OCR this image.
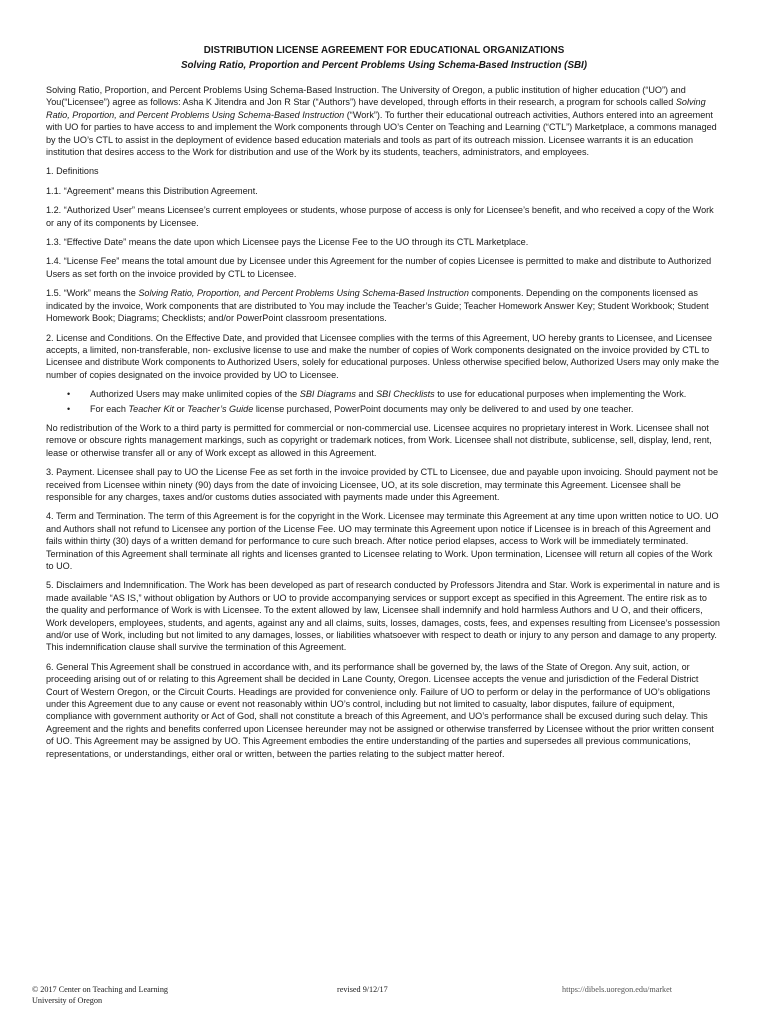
DISTRIBUTION LICENSE AGREEMENT FOR EDUCATIONAL ORGANIZATIONS

Solving Ratio, Proportion and Percent Problems Using Schema-Based Instruction (SBI)

Solving Ratio, Proportion, and Percent Problems Using Schema-Based Instruction. The University of Oregon, a public institution of higher education (“UO”) and You(“Licensee”) agree as follows: Asha K Jitendra and Jon R Star (“Authors”) have developed, through efforts in their research, a program for schools called Solving Ratio, Proportion, and Percent Problems Using Schema-Based Instruction (“Work”). To further their educational outreach activities, Authors entered into an agreement with UO for parties to have access to and implement the Work components through UO’s Center on Teaching and Learning (“CTL”) Marketplace, a commons managed by the UO’s CTL to assist in the deployment of evidence based education materials and tools as part of its outreach mission. Licensee warrants it is an education institution that desires access to the Work for distribution and use of the Work by its students, teachers, administrators, and employees.

1. Definitions

1.1. “Agreement” means this Distribution Agreement.

1.2. “Authorized User” means Licensee’s current employees or students, whose purpose of access is only for Licensee’s benefit, and who received a copy of the Work or any of its components by Licensee.

1.3. “Effective Date” means the date upon which Licensee pays the License Fee to the UO through its CTL Marketplace.

1.4. “License Fee” means the total amount due by Licensee under this Agreement for the number of copies Licensee is permitted to make and distribute to Authorized Users as set forth on the invoice provided by CTL to Licensee.

1.5. “Work” means the Solving Ratio, Proportion, and Percent Problems Using Schema-Based Instruction components. Depending on the components licensed as indicated by the invoice, Work components that are distributed to You may include the Teacher’s Guide; Teacher Homework Answer Key; Student Workbook; Student Homework Book; Diagrams; Checklists; and/or PowerPoint classroom presentations.

2. License and Conditions. On the Effective Date, and provided that Licensee complies with the terms of this Agreement, UO hereby grants to Licensee, and Licensee accepts, a limited, non-transferable, non- exclusive license to use and make the number of copies of Work components designated on the invoice provided by CTL to Licensee and distribute Work components to Authorized Users, solely for educational purposes. Unless otherwise specified below, Authorized Users may only make the number of copies designated on the invoice provided by UO to Licensee.

• Authorized Users may make unlimited copies of the SBI Diagrams and SBI Checklists to use for educational purposes when implementing the Work.
• For each Teacher Kit or Teacher’s Guide license purchased, PowerPoint documents may only be delivered to and used by one teacher.

No redistribution of the Work to a third party is permitted for commercial or non-commercial use. Licensee acquires no proprietary interest in Work. Licensee shall not remove or obscure rights management markings, such as copyright or trademark notices, from Work. Licensee shall not distribute, sublicense, sell, display, lend, rent, lease or otherwise transfer all or any of Work except as allowed in this Agreement.

3. Payment. Licensee shall pay to UO the License Fee as set forth in the invoice provided by CTL to Licensee, due and payable upon invoicing. Should payment not be received from Licensee within ninety (90) days from the date of invoicing Licensee, UO, at its sole discretion, may terminate this Agreement. Licensee shall be responsible for any charges, taxes and/or customs duties associated with payments made under this Agreement.

4. Term and Termination. The term of this Agreement is for the copyright in the Work. Licensee may terminate this Agreement at any time upon written notice to UO. UO and Authors shall not refund to Licensee any portion of the License Fee. UO may terminate this Agreement upon notice if Licensee is in breach of this Agreement and fails within thirty (30) days of a written demand for performance to cure such breach. After notice period elapses, access to Work will be immediately terminated. Termination of this Agreement shall terminate all rights and licenses granted to Licensee relating to Work. Upon termination, Licensee will return all copies of the Work to UO.

5. Disclaimers and Indemnification. The Work has been developed as part of research conducted by Professors Jitendra and Star. Work is experimental in nature and is made available “AS IS,” without obligation by Authors or UO to provide accompanying services or support except as specified in this Agreement. The entire risk as to the quality and performance of Work is with Licensee. To the extent allowed by law, Licensee shall indemnify and hold harmless Authors and U O, and their officers, Work developers, employees, students, and agents, against any and all claims, suits, losses, damages, costs, fees, and expenses resulting from Licensee’s possession and/or use of Work, including but not limited to any damages, losses, or liabilities whatsoever with respect to death or injury to any person and damage to any property. This indemnification clause shall survive the termination of this Agreement.

6. General This Agreement shall be construed in accordance with, and its performance shall be governed by, the laws of the State of Oregon. Any suit, action, or proceeding arising out of or relating to this Agreement shall be decided in Lane County, Oregon. Licensee accepts the venue and jurisdiction of the Federal District Court of Western Oregon, or the Circuit Courts. Headings are provided for convenience only. Failure of UO to perform or delay in the performance of UO’s obligations under this Agreement due to any cause or event not reasonably within UO’s control, including but not limited to casualty, labor disputes, failure of equipment, compliance with government authority or Act of God, shall not constitute a breach of this Agreement, and UO’s performance shall be excused during such delay. This Agreement and the rights and benefits conferred upon Licensee hereunder may not be assigned or otherwise transferred by Licensee without the prior written consent of UO. This Agreement may be assigned by UO. This Agreement embodies the entire understanding of the parties and supersedes all previous communications, representations, or understandings, either oral or written, between the parties relating to the subject matter hereof.

© 2017 Center on Teaching and Learning
University of Oregon
revised 9/12/17	https://dibels.uoregon.edu/market
